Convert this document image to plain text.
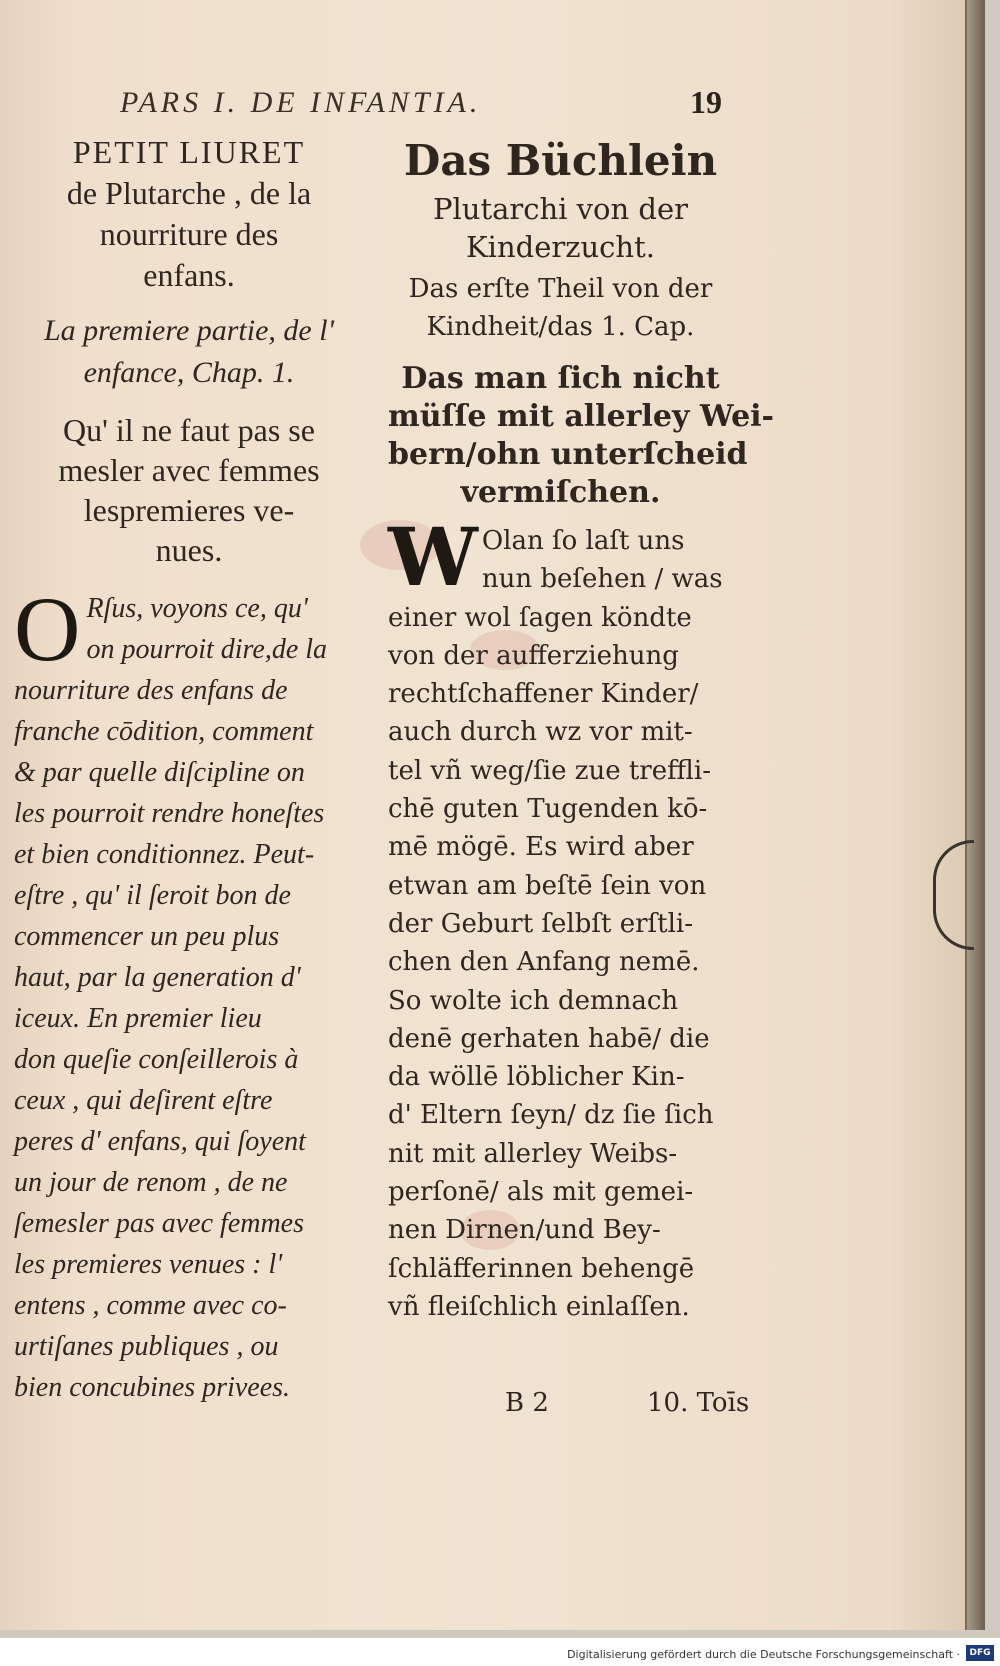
PARS I. DE INFANTIA.	19
PETIT LIURET
de Plutarche , de la
nourriture des
enfans.
La premiere partie, de l'
enfance, Chap. 1.
Qu' il ne faut pas se
mesler avec femmes
lespremieres ve-
nues.
O Rſus, voyons ce, qu'
on pourroit dire,de la
nourriture des enfans de
franche cōdition, comment
& par quelle diſcipline on
les pourroit rendre honeſtes
et bien conditionnez. Peut-
eſtre , qu' il ſeroit bon de
commencer un peu plus
haut, par la generation d'
iceux. En premier lieu
don queſie conſeillerois à
ceux , qui deſirent eſtre
peres d' enfans, qui ſoyent
un jour de renom , de ne
ſemesler pas avec femmes
les premieres venues : l'
entens , comme avec co-
urtiſanes publiques , ou
bien concubines privees.
Das Büchlein
Plutarchi von der
Kinderzucht.
Das erſte Theil von der
Kindheit/das 1. Cap.
Das man ſich nicht
müſſe mit allerley Wei-
bern/ohn unterſcheid
vermiſchen.
W Olan ſo laſt uns
nun beſehen / was
einer wol ſagen köndte
von der aufferziehung
rechtſchaffener Kinder/
auch durch wz vor mit-
tel vñ weg/ſie zue treffli-
chē guten Tugenden kō-
mē mögē. Es wird aber
etwan am beſtē ſein von
der Geburt ſelbſt erſtli-
chen den Anfang nemē.
So wolte ich demnach
denē gerhaten habē/ die
da wöllē löblicher Kin-
d' Eltern ſeyn/ dz ſie ſich
nit mit allerley Weibs-
perſonē/ als mit gemei-
nen Dirnen/und Bey-
ſchläfferinnen behengē
vñ fleiſchlich einlaſſen.
B 2	10. Toīs
Digitalisierung gefördert durch die Deutsche Forschungsgemeinschaft ·	DFG
